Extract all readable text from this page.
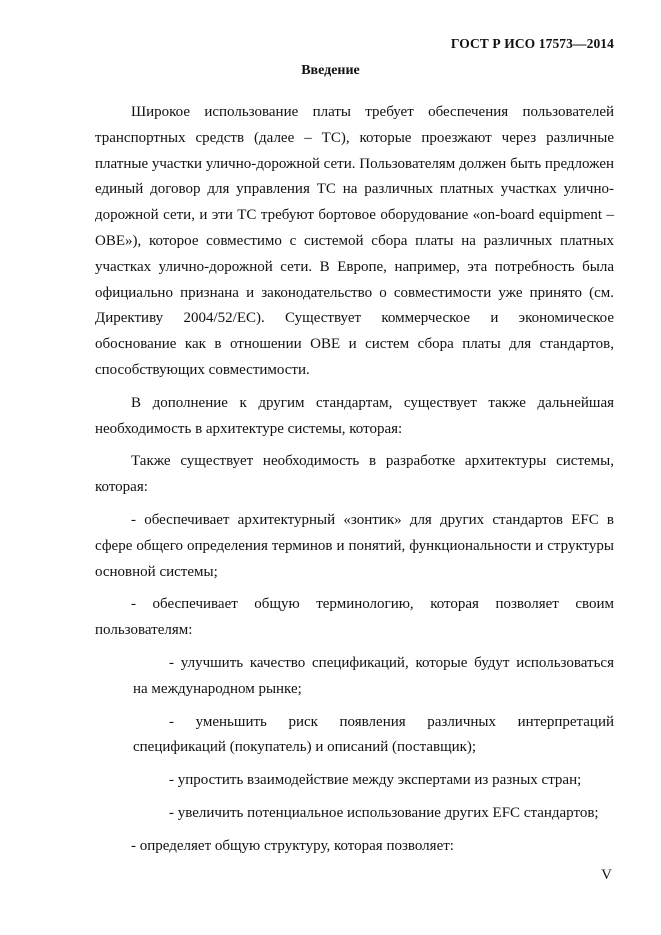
ГОСТ Р ИСО 17573—2014
Введение

Широкое использование платы требует обеспечения пользователей транспортных средств (далее – ТС), которые проезжают через различные платные участки улично-дорожной сети. Пользователям должен быть предложен единый договор для управления ТС на различных платных участках улично-дорожной сети, и эти ТС требуют бортовое оборудование «on-board equipment – OBE»), которое совместимо с системой сбора платы на различных платных участках улично-дорожной сети. В Европе, например, эта потребность была официально признана и законодательство о совместимости уже принято (см. Директиву 2004/52/EC). Существует коммерческое и экономическое обоснование как в отношении OBE и систем сбора платы для стандартов, способствующих совместимости.

В дополнение к другим стандартам, существует также дальнейшая необходимость в архитектуре системы, которая:

Также существует необходимость в разработке архитектуры системы, которая:

- обеспечивает архитектурный «зонтик» для других стандартов EFC в сфере общего определения терминов и понятий, функциональности и структуры основной системы;

- обеспечивает общую терминологию, которая позволяет своим пользователям:

- улучшить качество спецификаций, которые будут использоваться на международном рынке;

- уменьшить риск появления различных интерпретаций спецификаций (покупатель) и описаний (поставщик);

- упростить взаимодействие между экспертами из разных стран;

- увеличить потенциальное использование других EFC стандартов;

- определяет общую структуру, которая позволяет:

V
